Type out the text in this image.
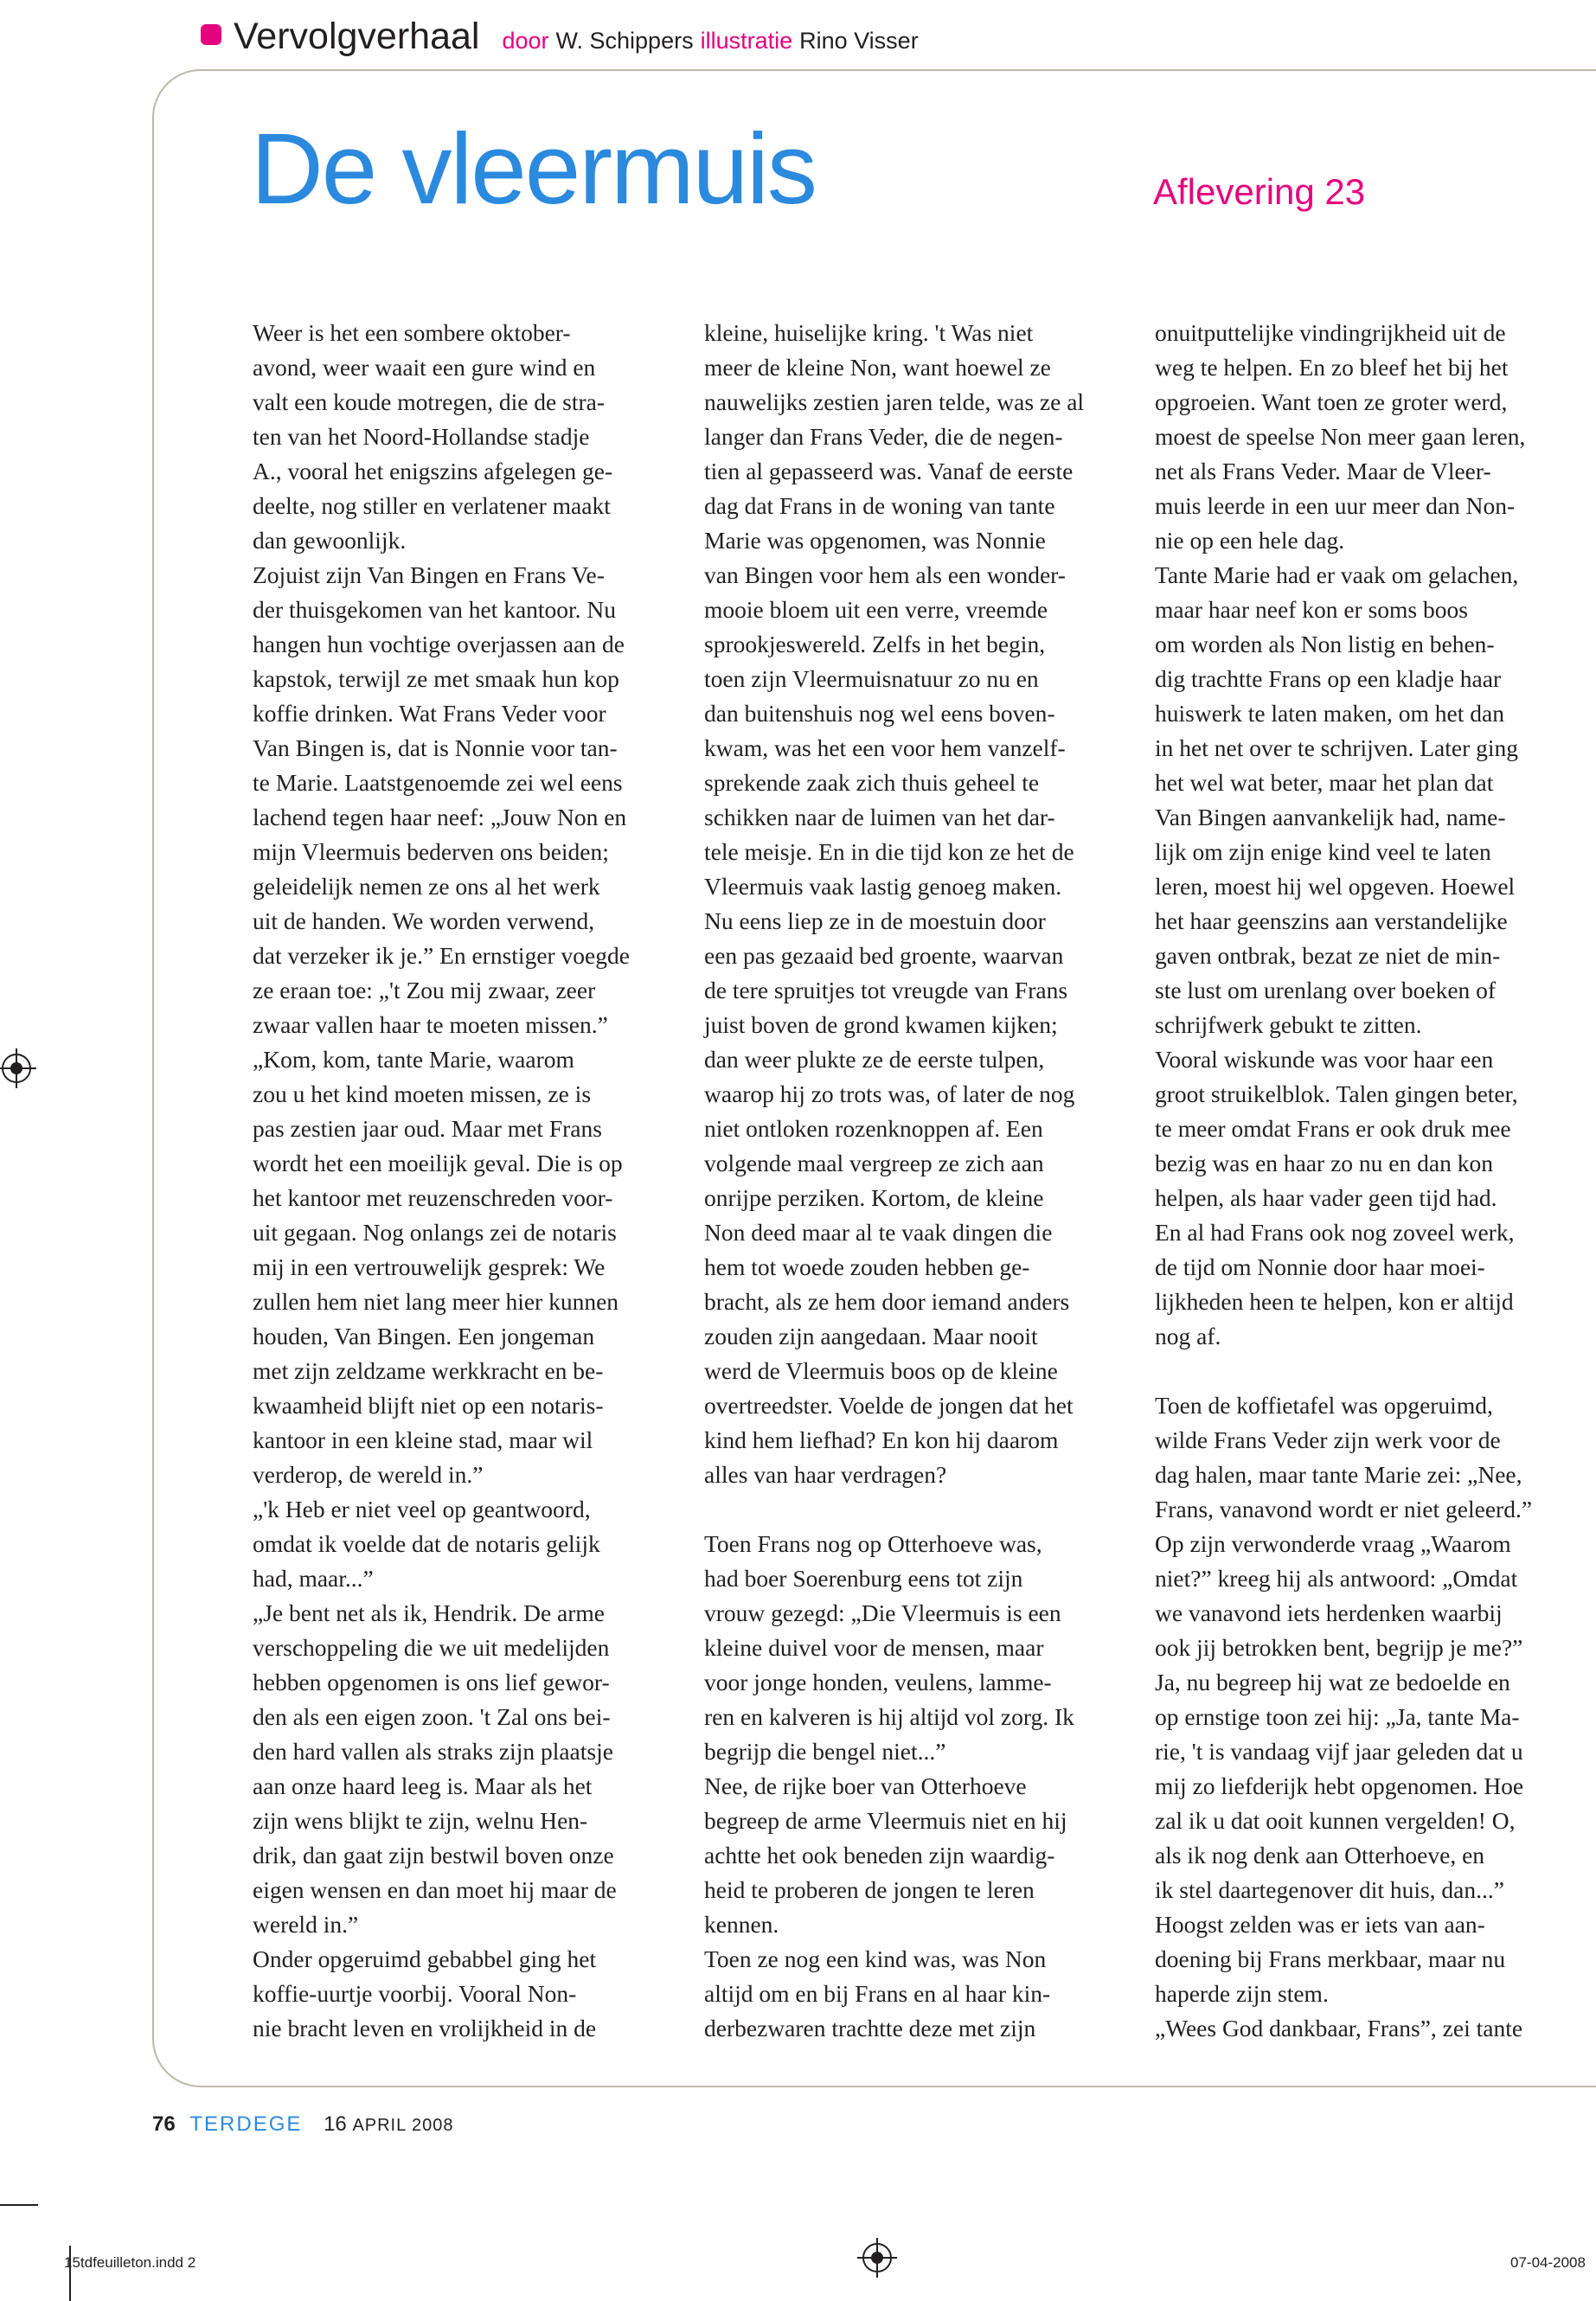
Vervolgverhaal door W. Schippers illustratie Rino Visser
De vleermuis	Aflevering 23
Weer is het een sombere oktober-
avond, weer waait een gure wind en
valt een koude motregen, die de stra-
ten van het Noord-Hollandse stadje
A., vooral het enigszins afgelegen ge-
deelte, nog stiller en verlatener maakt
dan gewoonlijk.
Zojuist zijn Van Bingen en Frans Ve-
der thuisgekomen van het kantoor. Nu
hangen hun vochtige overjassen aan de
kapstok, terwijl ze met smaak hun kop
koffie drinken. Wat Frans Veder voor
Van Bingen is, dat is Nonnie voor tan-
te Marie. Laatstgenoemde zei wel eens
lachend tegen haar neef: „Jouw Non en
mijn Vleermuis bederven ons beiden;
geleidelijk nemen ze ons al het werk
uit de handen. We worden verwend,
dat verzeker ik je.” En ernstiger voegde
ze eraan toe: „'t Zou mij zwaar, zeer
zwaar vallen haar te moeten missen.”
„Kom, kom, tante Marie, waarom
zou u het kind moeten missen, ze is
pas zestien jaar oud. Maar met Frans
wordt het een moeilijk geval. Die is op
het kantoor met reuzenschreden voor-
uit gegaan. Nog onlangs zei de notaris
mij in een vertrouwelijk gesprek: We
zullen hem niet lang meer hier kunnen
houden, Van Bingen. Een jongeman
met zijn zeldzame werkkracht en be-
kwaamheid blijft niet op een notaris-
kantoor in een kleine stad, maar wil
verderop, de wereld in.”
„'k Heb er niet veel op geantwoord,
omdat ik voelde dat de notaris gelijk
had, maar...”
„Je bent net als ik, Hendrik. De arme
verschoppeling die we uit medelijden
hebben opgenomen is ons lief gewor-
den als een eigen zoon. 't Zal ons bei-
den hard vallen als straks zijn plaatsje
aan onze haard leeg is. Maar als het
zijn wens blijkt te zijn, welnu Hen-
drik, dan gaat zijn bestwil boven onze
eigen wensen en dan moet hij maar de
wereld in.”
Onder opgeruimd gebabbel ging het
koffie-uurtje voorbij. Vooral Non-
nie bracht leven en vrolijkheid in de
kleine, huiselijke kring. 't Was niet
meer de kleine Non, want hoewel ze
nauwelijks zestien jaren telde, was ze al
langer dan Frans Veder, die de negen-
tien al gepasseerd was. Vanaf de eerste
dag dat Frans in de woning van tante
Marie was opgenomen, was Nonnie
van Bingen voor hem als een wonder-
mooie bloem uit een verre, vreemde
sprookjeswereld. Zelfs in het begin,
toen zijn Vleermuisnatuur zo nu en
dan buitenshuis nog wel eens boven-
kwam, was het een voor hem vanzelf-
sprekende zaak zich thuis geheel te
schikken naar de luimen van het dar-
tele meisje. En in die tijd kon ze het de
Vleermuis vaak lastig genoeg maken.
Nu eens liep ze in de moestuin door
een pas gezaaid bed groente, waarvan
de tere spruitjes tot vreugde van Frans
juist boven de grond kwamen kijken;
dan weer plukte ze de eerste tulpen,
waarop hij zo trots was, of later de nog
niet ontloken rozenknoppen af. Een
volgende maal vergreep ze zich aan
onrijpe perziken. Kortom, de kleine
Non deed maar al te vaak dingen die
hem tot woede zouden hebben ge-
bracht, als ze hem door iemand anders
zouden zijn aangedaan. Maar nooit
werd de Vleermuis boos op de kleine
overtreedster. Voelde de jongen dat het
kind hem liefhad? En kon hij daarom
alles van haar verdragen?
Toen Frans nog op Otterhoeve was,
had boer Soerenburg eens tot zijn
vrouw gezegd: „Die Vleermuis is een
kleine duivel voor de mensen, maar
voor jonge honden, veulens, lamme-
ren en kalveren is hij altijd vol zorg. Ik
begrijp die bengel niet...”
Nee, de rijke boer van Otterhoeve
begreep de arme Vleermuis niet en hij
achtte het ook beneden zijn waardig-
heid te proberen de jongen te leren
kennen.
Toen ze nog een kind was, was Non
altijd om en bij Frans en al haar kin-
derbezwaren trachtte deze met zijn
onuitputtelijke vindingrijkheid uit de
weg te helpen. En zo bleef het bij het
opgroeien. Want toen ze groter werd,
moest de speelse Non meer gaan leren,
net als Frans Veder. Maar de Vleer-
muis leerde in een uur meer dan Non-
nie op een hele dag.
Tante Marie had er vaak om gelachen,
maar haar neef kon er soms boos
om worden als Non listig en behen-
dig trachtte Frans op een kladje haar
huiswerk te laten maken, om het dan
in het net over te schrijven. Later ging
het wel wat beter, maar het plan dat
Van Bingen aanvankelijk had, name-
lijk om zijn enige kind veel te laten
leren, moest hij wel opgeven. Hoewel
het haar geenszins aan verstandelijke
gaven ontbrak, bezat ze niet de min-
ste lust om urenlang over boeken of
schrijfwerk gebukt te zitten.
Vooral wiskunde was voor haar een
groot struikelblok. Talen gingen beter,
te meer omdat Frans er ook druk mee
bezig was en haar zo nu en dan kon
helpen, als haar vader geen tijd had.
En al had Frans ook nog zoveel werk,
de tijd om Nonnie door haar moei-
lijkheden heen te helpen, kon er altijd
nog af.
Toen de koffietafel was opgeruimd,
wilde Frans Veder zijn werk voor de
dag halen, maar tante Marie zei: „Nee,
Frans, vanavond wordt er niet geleerd.”
Op zijn verwonderde vraag „Waarom
niet?” kreeg hij als antwoord: „Omdat
we vanavond iets herdenken waarbij
ook jij betrokken bent, begrijp je me?”
Ja, nu begreep hij wat ze bedoelde en
op ernstige toon zei hij: „Ja, tante Ma-
rie, 't is vandaag vijf jaar geleden dat u
mij zo liefderijk hebt opgenomen. Hoe
zal ik u dat ooit kunnen vergelden! O,
als ik nog denk aan Otterhoeve, en
ik stel daartegenover dit huis, dan...”
Hoogst zelden was er iets van aan-
doening bij Frans merkbaar, maar nu
haperde zijn stem.
„Wees God dankbaar, Frans”, zei tante
76 TERDEGE 16 APRIL 2008
15tdfeuilleton.indd 2	07-04-2008
